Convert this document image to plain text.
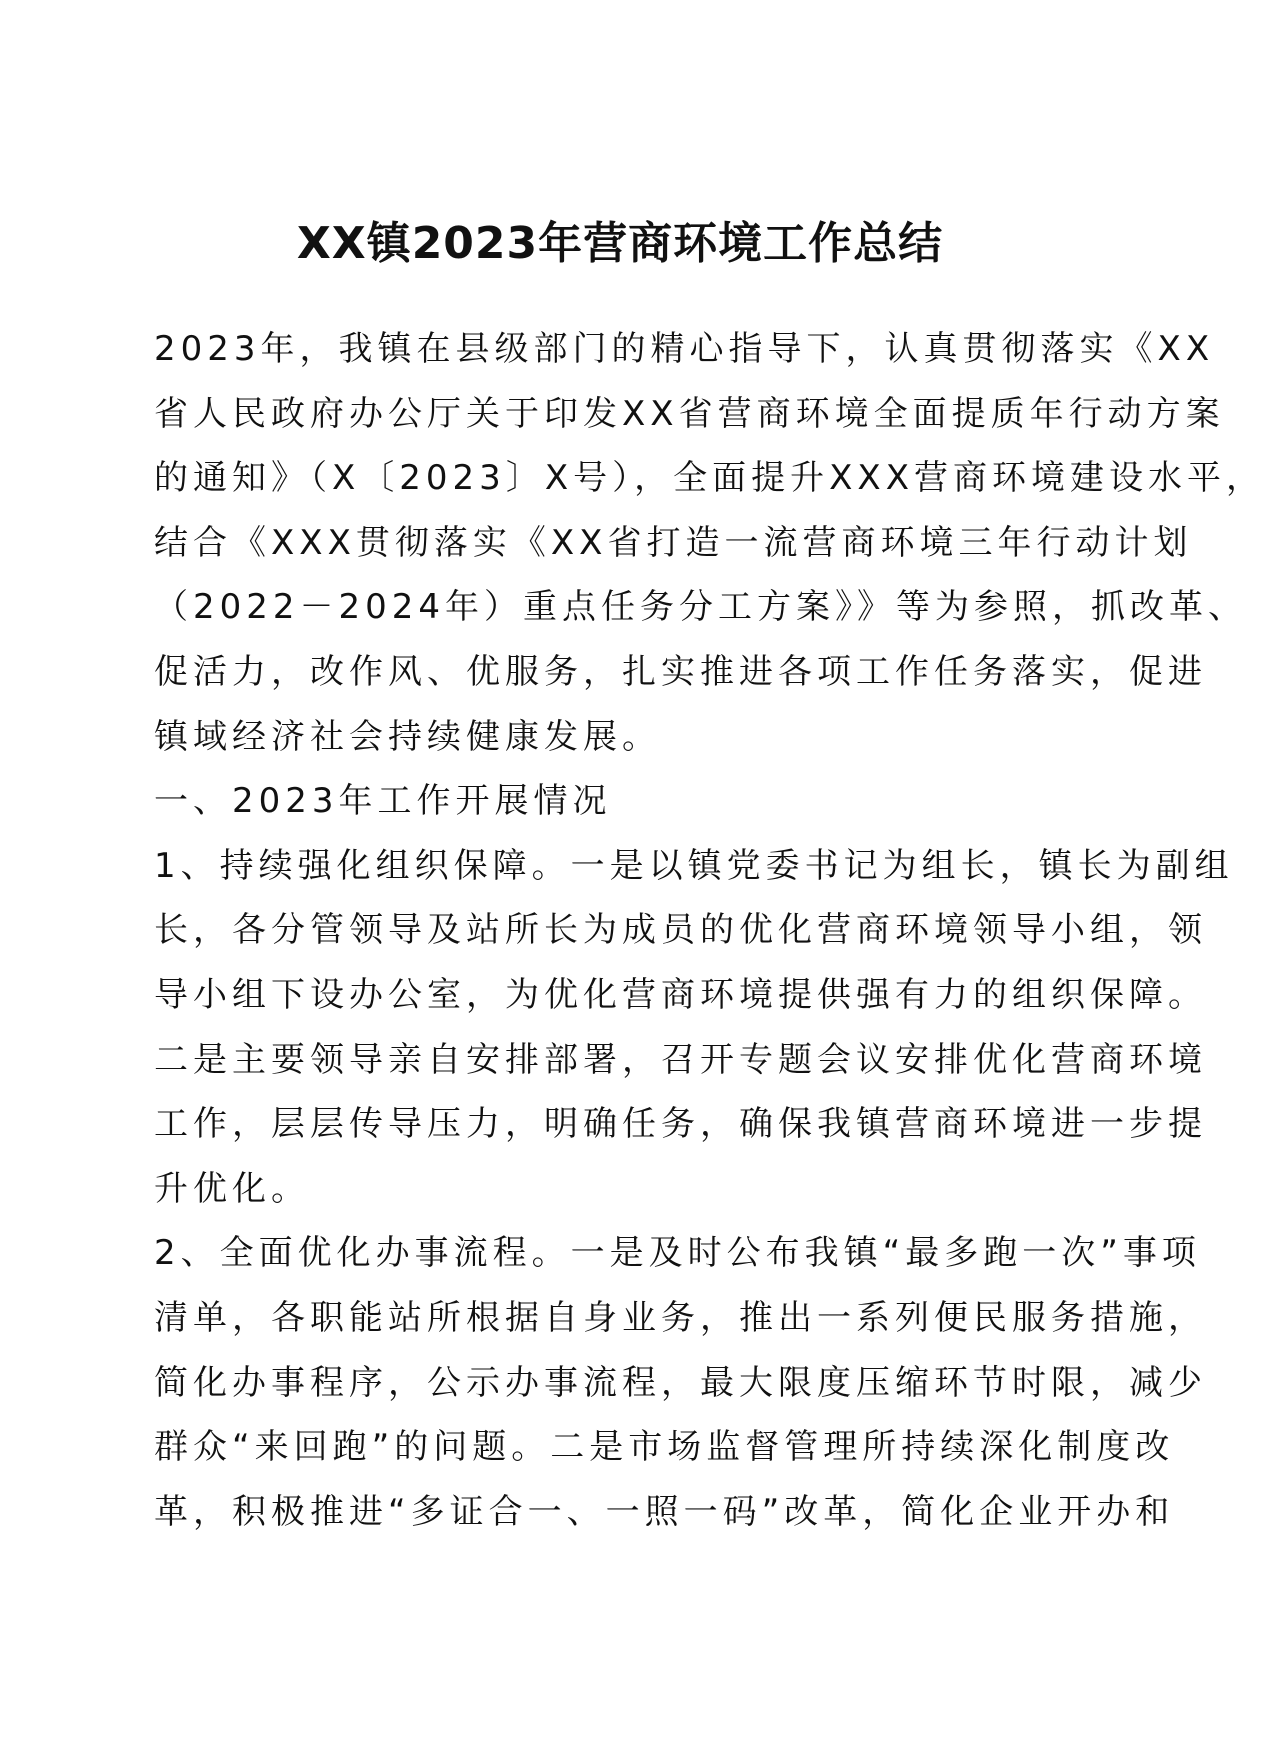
XX镇2023年营商环境工作总结
2023年，我镇在县级部门的精心指导下，认真贯彻落实《XX
省人民政府办公厅关于印发XX省营商环境全面提质年行动方案
的通知》（X〔2023〕X号），全面提升XXX营商环境建设水平，
结合《XXX贯彻落实《XX省打造一流营商环境三年行动计划
（2022－2024年）重点任务分工方案》》等为参照，抓改革、
促活力，改作风、优服务，扎实推进各项工作任务落实，促进
镇域经济社会持续健康发展。
一、2023年工作开展情况
1、持续强化组织保障。一是以镇党委书记为组长，镇长为副组
长，各分管领导及站所长为成员的优化营商环境领导小组，领
导小组下设办公室，为优化营商环境提供强有力的组织保障。
二是主要领导亲自安排部署，召开专题会议安排优化营商环境
工作，层层传导压力，明确任务，确保我镇营商环境进一步提
升优化。
2、全面优化办事流程。一是及时公布我镇“最多跑一次”事项
清单，各职能站所根据自身业务，推出一系列便民服务措施，
简化办事程序，公示办事流程，最大限度压缩环节时限，减少
群众“来回跑”的问题。二是市场监督管理所持续深化制度改
革，积极推进“多证合一、一照一码”改革，简化企业开办和
